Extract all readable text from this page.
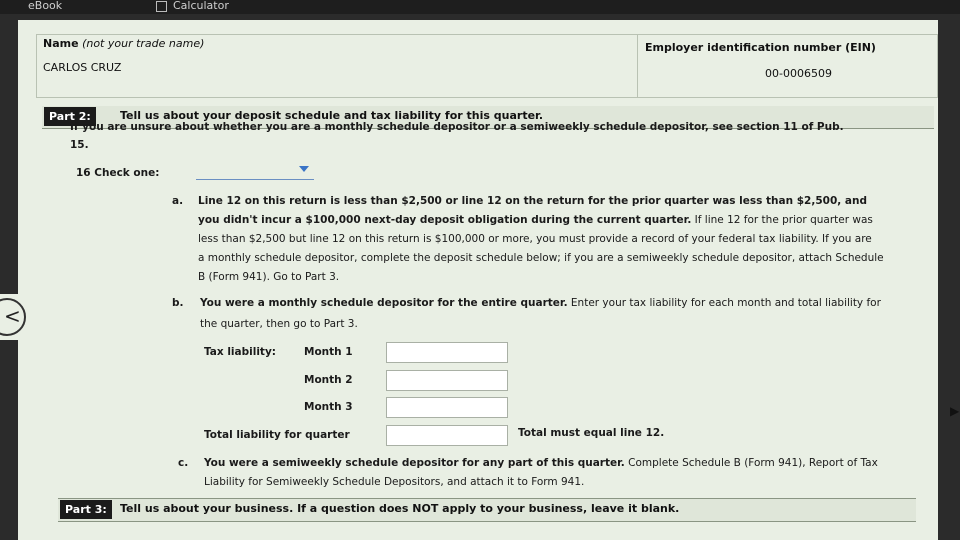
eBook	Calculator
Name (not your trade name)
CARLOS CRUZ
Employer identification number (EIN)
00-0006509
Part 2:	Tell us about your deposit schedule and tax liability for this quarter.
If you are unsure about whether you are a monthly schedule depositor or a semiweekly schedule depositor, see section 11 of Pub.
15.
16 Check one:
a. Line 12 on this return is less than $2,500 or line 12 on the return for the prior quarter was less than $2,500, and
you didn't incur a $100,000 next-day deposit obligation during the current quarter. If line 12 for the prior quarter was
less than $2,500 but line 12 on this return is $100,000 or more, you must provide a record of your federal tax liability. If you are
a monthly schedule depositor, complete the deposit schedule below; if you are a semiweekly schedule depositor, attach Schedule
B (Form 941). Go to Part 3.
b. You were a monthly schedule depositor for the entire quarter. Enter your tax liability for each month and total liability for
the quarter, then go to Part 3.
Tax liability:	Month 1
Month 2
Month 3
Total liability for quarter	Total must equal line 12.
c. You were a semiweekly schedule depositor for any part of this quarter. Complete Schedule B (Form 941), Report of Tax
Liability for Semiweekly Schedule Depositors, and attach it to Form 941.
Part 3:	Tell us about your business. If a question does NOT apply to your business, leave it blank.
<
▶
